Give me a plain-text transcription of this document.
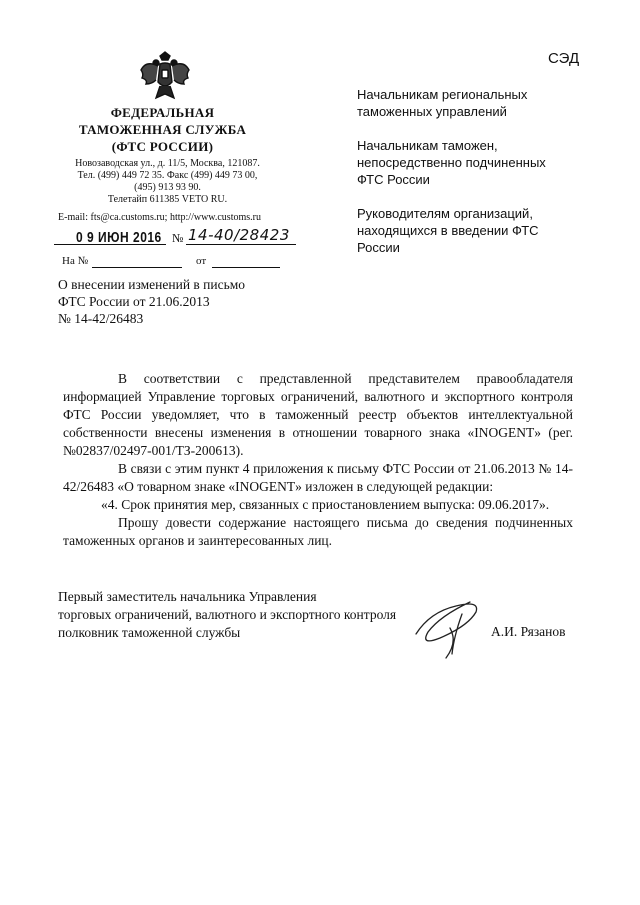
СЭД
ФЕДЕРАЛЬНАЯ
ТАМОЖЕННАЯ СЛУЖБА
(ФТС РОССИИ)
Новозаводская ул., д. 11/5, Москва, 121087.
Тел. (499) 449 72 35. Факс (499) 449 73 00,
(495) 913 93 90.
Телетайп 611385 VETO RU.
E-mail: fts@ca.customs.ru; http://www.customs.ru
0 9 ИЮН 2016 № 14-40/28423
На №	от
О внесении изменений в письмо
ФТС России от 21.06.2013
№ 14-42/26483
Начальникам региональных
таможенных управлений
Начальникам таможен,
непосредственно подчиненных
ФТС России
Руководителям организаций,
находящихся в введении ФТС
России

В соответствии с представленной представителем правообладателя информацией Управление торговых ограничений, валютного и экспортного контроля ФТС России уведомляет, что в таможенный реестр объектов интеллектуальной собственности внесены изменения в отношении товарного знака «INOGENT» (рег. №02837/02497-001/ТЗ-200613).

В связи с этим пункт 4 приложения к письму ФТС России от 21.06.2013 № 14-42/26483 «О товарном знаке «INOGENT» изложен в следующей редакции:

«4. Срок принятия мер, связанных с приостановлением выпуска: 09.06.2017».

Прошу довести содержание настоящего письма до сведения подчиненных таможенных органов и заинтересованных лиц.

Первый заместитель начальника Управления
торговых ограничений, валютного и экспортного контроля
полковник таможенной службы	А.И. Рязанов
